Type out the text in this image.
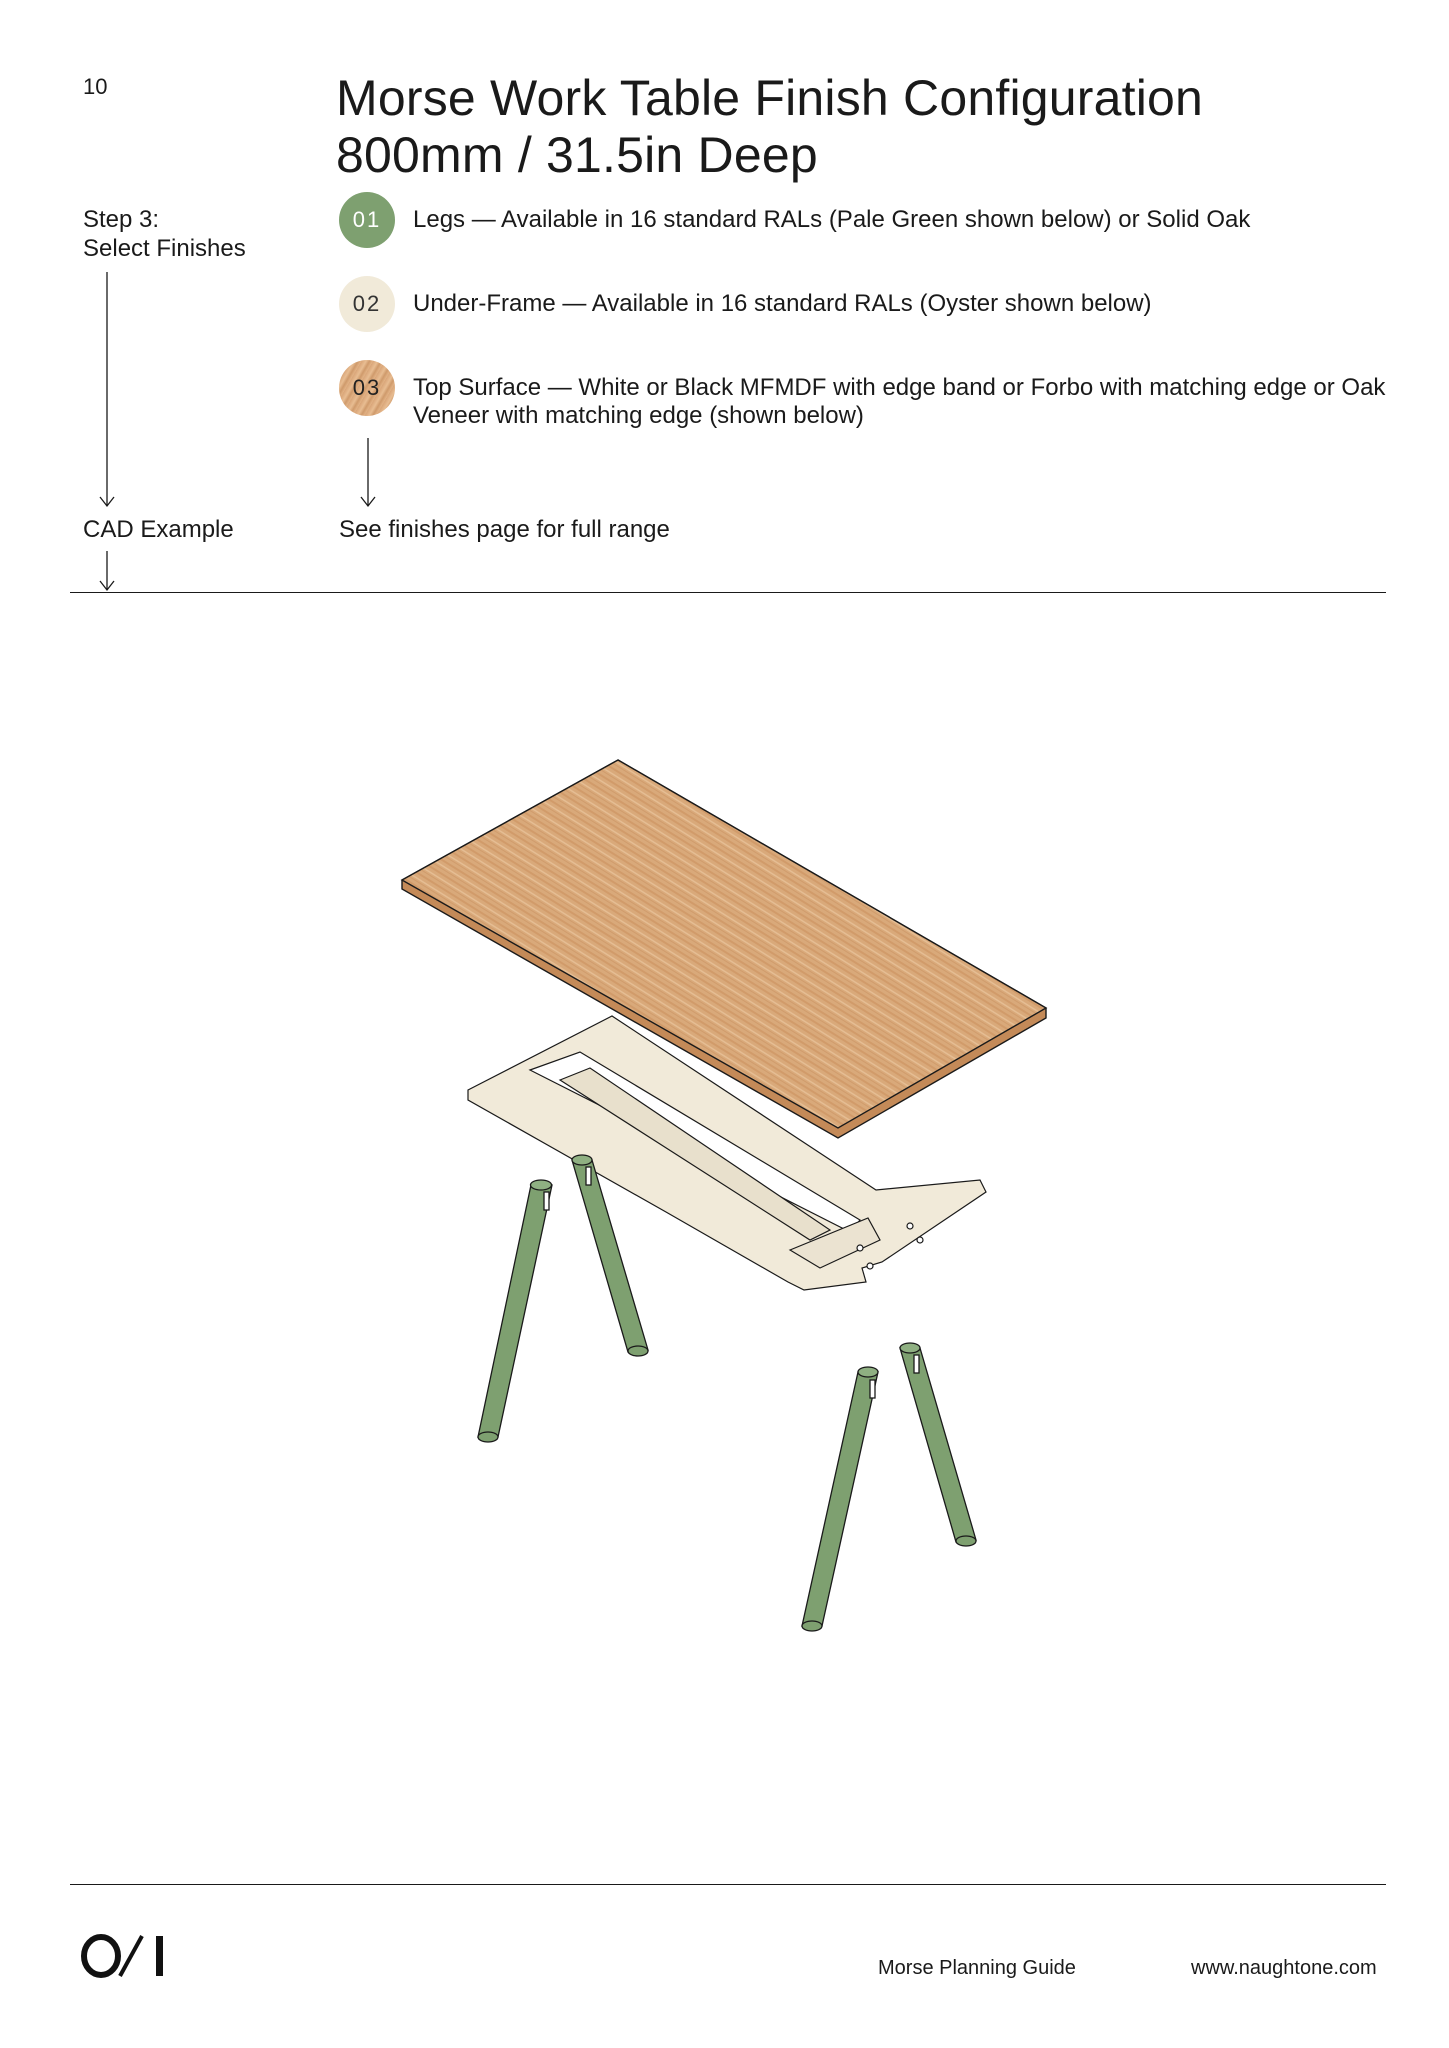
10	Morse Work Table Finish Configuration
800mm / 31.5in Deep
Step 3:
Select Finishes
01	Legs — Available in 16 standard RALs (Pale Green shown below) or Solid Oak
02	Under-Frame — Available in 16 standard RALs (Oyster shown below)
03	Top Surface — White or Black MFMDF with edge band or Forbo with matching edge or Oak Veneer with matching edge (shown below)
CAD Example	See finishes page for full range
Morse Planning Guide	www.naughtone.com
